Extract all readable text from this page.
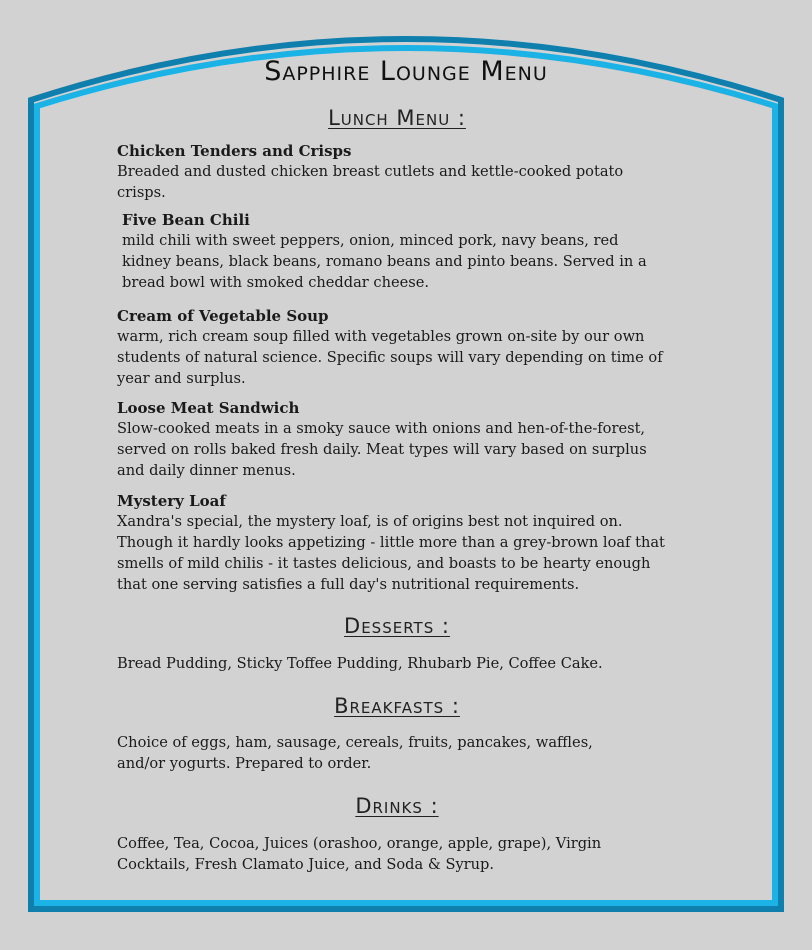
Sapphire Lounge Menu
Lunch Menu :
Chicken Tenders and Crisps
Breaded and dusted chicken breast cutlets and kettle-cooked potato crisps.
Five Bean Chili
mild chili with sweet peppers, onion, minced pork, navy beans, red kidney beans, black beans, romano beans and pinto beans. Served in a bread bowl with smoked cheddar cheese.
Cream of Vegetable Soup
warm, rich cream soup filled with vegetables grown on-site by our own students of natural science. Specific soups will vary depending on time of year and surplus.
Loose Meat Sandwich
Slow-cooked meats in a smoky sauce with onions and hen-of-the-forest, served on rolls baked fresh daily. Meat types will vary based on surplus and daily dinner menus.
Mystery Loaf
Xandra's special, the mystery loaf, is of origins best not inquired on. Though it hardly looks appetizing - little more than a grey-brown loaf that smells of mild chilis - it tastes delicious, and boasts to be hearty enough that one serving satisfies a full day's nutritional requirements.
Desserts :
Bread Pudding, Sticky Toffee Pudding, Rhubarb Pie, Coffee Cake.
Breakfasts :
Choice of eggs, ham, sausage, cereals, fruits, pancakes, waffles, and/or yogurts. Prepared to order.
Drinks :
Coffee, Tea, Cocoa, Juices (orashoo, orange, apple, grape), Virgin Cocktails, Fresh Clamato Juice, and Soda & Syrup.
